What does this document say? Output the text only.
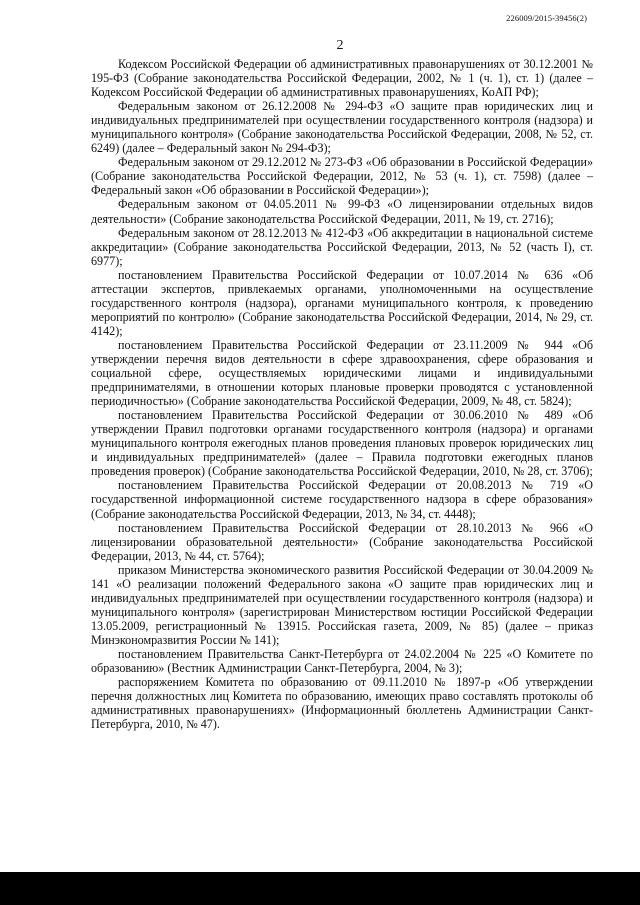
226009/2015-39456(2)
2

Кодексом Российской Федерации об административных правонарушениях от 30.12.2001 № 195-ФЗ (Собрание законодательства Российской Федерации, 2002, № 1 (ч. 1), ст. 1) (далее – Кодексом Российской Федерации об административных правонарушениях, КоАП РФ);

Федеральным законом от 26.12.2008 № 294-ФЗ «О защите прав юридических лиц и индивидуальных предпринимателей при осуществлении государственного контроля (надзора) и муниципального контроля» (Собрание законодательства Российской Федерации, 2008, № 52, ст. 6249) (далее – Федеральный закон № 294-ФЗ);

Федеральным законом от 29.12.2012 № 273-ФЗ «Об образовании в Российской Федерации» (Собрание законодательства Российской Федерации, 2012, № 53 (ч. 1), ст. 7598) (далее – Федеральный закон «Об образовании в Российской Федерации»);

Федеральным законом от 04.05.2011 № 99-ФЗ «О лицензировании отдельных видов деятельности» (Собрание законодательства Российской Федерации, 2011, № 19, ст. 2716);

Федеральным законом от 28.12.2013 № 412-ФЗ «Об аккредитации в национальной системе аккредитации» (Собрание законодательства Российской Федерации, 2013, № 52 (часть I), ст. 6977);

постановлением Правительства Российской Федерации от 10.07.2014 № 636 «Об аттестации экспертов, привлекаемых органами, уполномоченными на осуществление государственного контроля (надзора), органами муниципального контроля, к проведению мероприятий по контролю» (Собрание законодательства Российской Федерации, 2014, № 29, ст. 4142);

постановлением Правительства Российской Федерации от 23.11.2009 № 944 «Об утверждении перечня видов деятельности в сфере здравоохранения, сфере образования и социальной сфере, осуществляемых юридическими лицами и индивидуальными предпринимателями, в отношении которых плановые проверки проводятся с установленной периодичностью» (Собрание законодательства Российской Федерации, 2009, № 48, ст. 5824);

постановлением Правительства Российской Федерации от 30.06.2010 № 489 «Об утверждении Правил подготовки органами государственного контроля (надзора) и органами муниципального контроля ежегодных планов проведения плановых проверок юридических лиц и индивидуальных предпринимателей» (далее – Правила подготовки ежегодных планов проведения проверок) (Собрание законодательства Российской Федерации, 2010, № 28, ст. 3706);

постановлением Правительства Российской Федерации от 20.08.2013 № 719 «О государственной информационной системе государственного надзора в сфере образования» (Собрание законодательства Российской Федерации, 2013, № 34, ст. 4448);

постановлением Правительства Российской Федерации от 28.10.2013 № 966 «О лицензировании образовательной деятельности» (Собрание законодательства Российской Федерации, 2013, № 44, ст. 5764);

приказом Министерства экономического развития Российской Федерации от 30.04.2009 № 141 «О реализации положений Федерального закона «О защите прав юридических лиц и индивидуальных предпринимателей при осуществлении государственного контроля (надзора) и муниципального контроля» (зарегистрирован Министерством юстиции Российской Федерации 13.05.2009, регистрационный № 13915. Российская газета, 2009, № 85) (далее – приказ Минэкономразвития России № 141);

постановлением Правительства Санкт-Петербурга от 24.02.2004 № 225 «О Комитете по образованию» (Вестник Администрации Санкт-Петербурга, 2004, № 3);

распоряжением Комитета по образованию от 09.11.2010 № 1897-р «Об утверждении перечня должностных лиц Комитета по образованию, имеющих право составлять протоколы об административных правонарушениях» (Информационный бюллетень Администрации Санкт-Петербурга, 2010, № 47).
